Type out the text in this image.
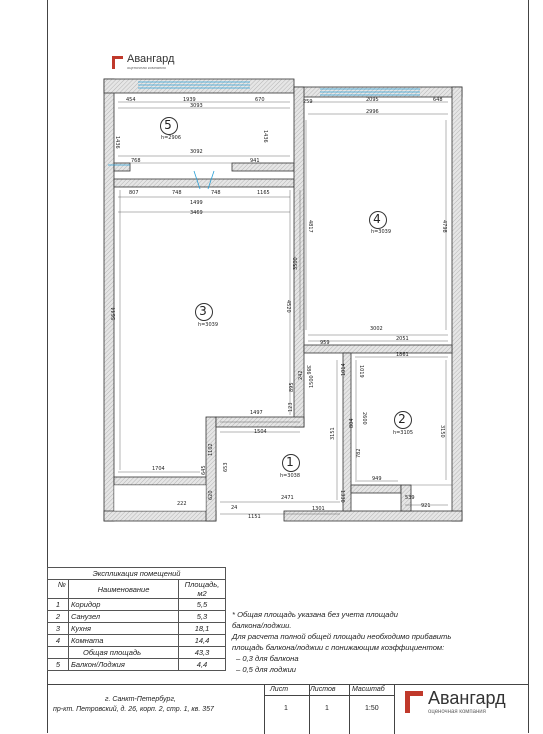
454	1939	670
3093
1436	1436
3092
768	941
807	748	748	1165
1499
3469
5644
4520
3500
259	2095	648
2996
4817	4798
3002
2051
959
1861
386
242
895	1500
123
1014 1019
1497
1504
1102
804 2600
3151	3150
645	653
620
782
1330
949
539
921
1704
222
24
1151
2471
1301
Авангард
оценочная компания
5
h=2906
4
h=3039
3
h=3039
2
h=3105
1
h=3038
Экспликация помещений		
№	Наименование	Площадь,
м2
1	Коридор	5,5
2	Санузел	5,3
3	Кухня	18,1
4	Комната	14,4
	Общая площадь	43,3
5	Балкон/Лоджия	4,4
* Общая площадь указана без учета площади
балкона/лоджии.
Для расчета полной общей площади необходимо прибавить
площадь балкона/лоджии с понижающим коэффициентом:
– 0,3 для балкона
– 0,5 для лоджии
г. Санкт-Петербург,
пр-кт. Петровский, д. 26, корп. 2, стр. 1, кв. 357
Лист	Листов Масштаб
1	1	1:50
Авангард
оценочная компания
